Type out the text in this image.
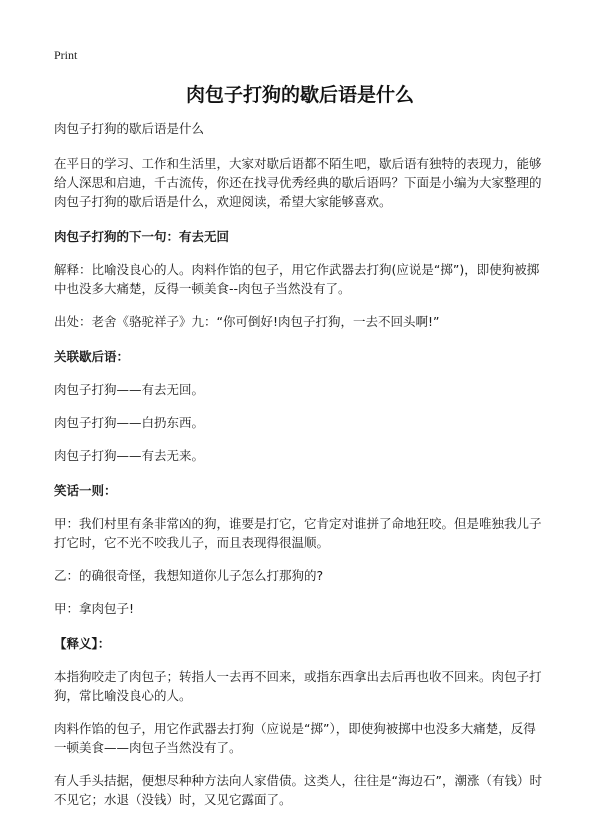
Print
肉包子打狗的歇后语是什么

肉包子打狗的歇后语是什么

在平日的学习、工作和生活里，大家对歇后语都不陌生吧，歇后语有独特的表现力，能够给人深思和启迪，千古流传，你还在找寻优秀经典的歇后语吗？下面是小编为大家整理的肉包子打狗的歇后语是什么，欢迎阅读，希望大家能够喜欢。

肉包子打狗的下一句：有去无回

解释：比喻没良心的人。肉料作馅的包子，用它作武器去打狗(应说是“掷”)，即使狗被掷中也没多大痛楚，反得一顿美食--肉包子当然没有了。

出处：老舍《骆驼祥子》九：“你可倒好!肉包子打狗，一去不回头啊!”

关联歇后语：

肉包子打狗——有去无回。

肉包子打狗——白扔东西。

肉包子打狗——有去无来。

笑话一则：

甲：我们村里有条非常凶的狗，谁要是打它，它肯定对谁拼了命地狂咬。但是唯独我儿子打它时，它不光不咬我儿子，而且表现得很温顺。

乙：的确很奇怪，我想知道你儿子怎么打那狗的?

甲：拿肉包子!

【释义】：

本指狗咬走了肉包子；转指人一去再不回来，或指东西拿出去后再也收不回来。肉包子打狗，常比喻没良心的人。

肉料作馅的包子，用它作武器去打狗（应说是“掷”），即使狗被掷中也没多大痛楚，反得一顿美食——肉包子当然没有了。

有人手头拮据，便想尽种种方法向人家借债。这类人，往往是“海边石”，潮涨（有钱）时不见它；水退（没钱）时，又见它露面了。
